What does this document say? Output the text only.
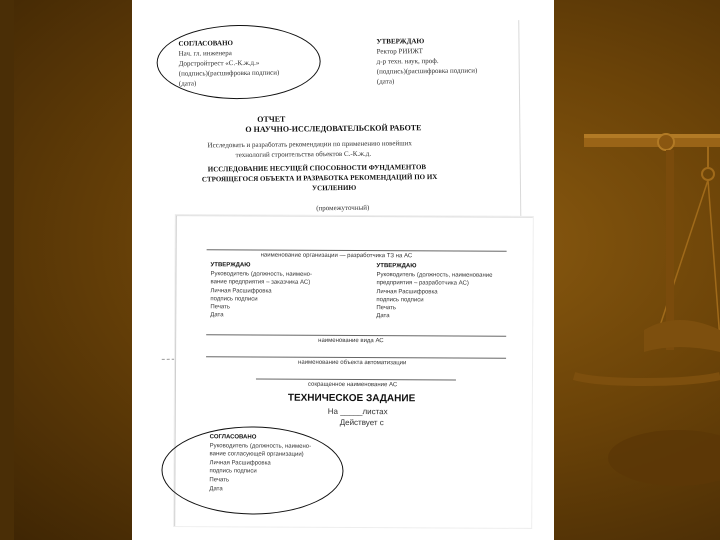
СОГЛАСОВАНО
Нач. гл. инженера
Дорстройтрест «С.-К.ж.д.»
(подпись)(расшифровка подписи)
(дата)
УТВЕРЖДАЮ
Ректор РИИЖТ
д-р техн. наук, проф.
(подпись)(расшифровка подписи)
(дата)
ОТЧЕТ
О НАУЧНО-ИССЛЕДОВАТЕЛЬСКОЙ РАБОТЕ
Исследовать и разработать рекомендации по применению новейших
технологий строительства объектов С.-К.ж.д.
ИССЛЕДОВАНИЕ НЕСУЩЕЙ СПОСОБНОСТИ ФУНДАМЕНТОВ
СТРОЯЩЕГОСЯ ОБЪЕКТА И РАЗРАБОТКА РЕКОМЕНДАЦИЙ ПО ИХ
УСИЛЕНИЮ
(промежуточный)
наименование организации — разработчика ТЗ на АС
УТВЕРЖДАЮ
Руководитель (должность, наимено-
вание предприятия – заказчика АС)
Личная Расшифровка
подпись подписи
Печать
Дата
УТВЕРЖДАЮ
Руководитель (должность, наименование
предприятия – разработчика АС)
Личная Расшифровка
подпись подписи
Печать
Дата
наименование вида АС
наименование объекта автоматизации
сокращенное наименование АС
ТЕХНИЧЕСКОЕ ЗАДАНИЕ
На _____листах
Действует с
СОГЛАСОВАНО
Руководитель (должность, наимено-
вание согласующей организации)
Личная Расшифровка
подпись подписи
Печать
Дата
